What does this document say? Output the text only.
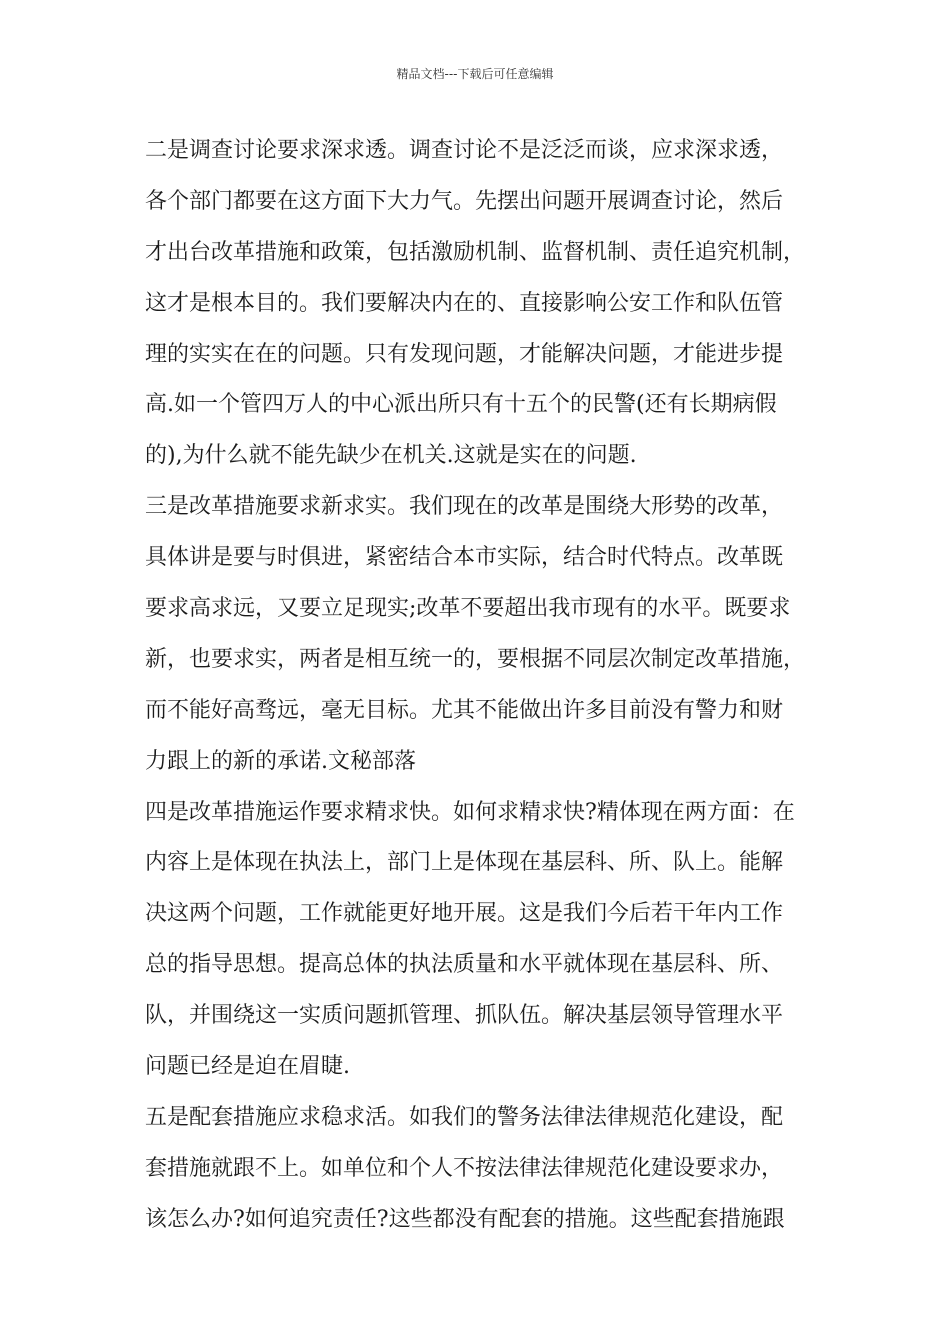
精品文档---下载后可任意编辑
二是调查讨论要求深求透。调查讨论不是泛泛而谈，应求深求透，
各个部门都要在这方面下大力气。先摆出问题开展调查讨论，然后
才出台改革措施和政策，包括激励机制、监督机制、责任追究机制，
这才是根本目的。我们要解决内在的、直接影响公安工作和队伍管
理的实实在在的问题。只有发现问题，才能解决问题，才能进步提
高.如一个管四万人的中心派出所只有十五个的民警(还有长期病假
的),为什么就不能先缺少在机关.这就是实在的问题.
三是改革措施要求新求实。我们现在的改革是围绕大形势的改革，
具体讲是要与时俱进，紧密结合本市实际，结合时代特点。改革既
要求高求远，又要立足现实;改革不要超出我市现有的水平。既要求
新，也要求实，两者是相互统一的，要根据不同层次制定改革措施，
而不能好高骛远，毫无目标。尤其不能做出许多目前没有警力和财
力跟上的新的承诺.文秘部落
四是改革措施运作要求精求快。如何求精求快?精体现在两方面：在
内容上是体现在执法上，部门上是体现在基层科、所、队上。能解
决这两个问题，工作就能更好地开展。这是我们今后若干年内工作
总的指导思想。提高总体的执法质量和水平就体现在基层科、所、
队，并围绕这一实质问题抓管理、抓队伍。解决基层领导管理水平
问题已经是迫在眉睫.
五是配套措施应求稳求活。如我们的警务法律法律规范化建设，配
套措施就跟不上。如单位和个人不按法律法律规范化建设要求办，
该怎么办?如何追究责任?这些都没有配套的措施。这些配套措施跟
